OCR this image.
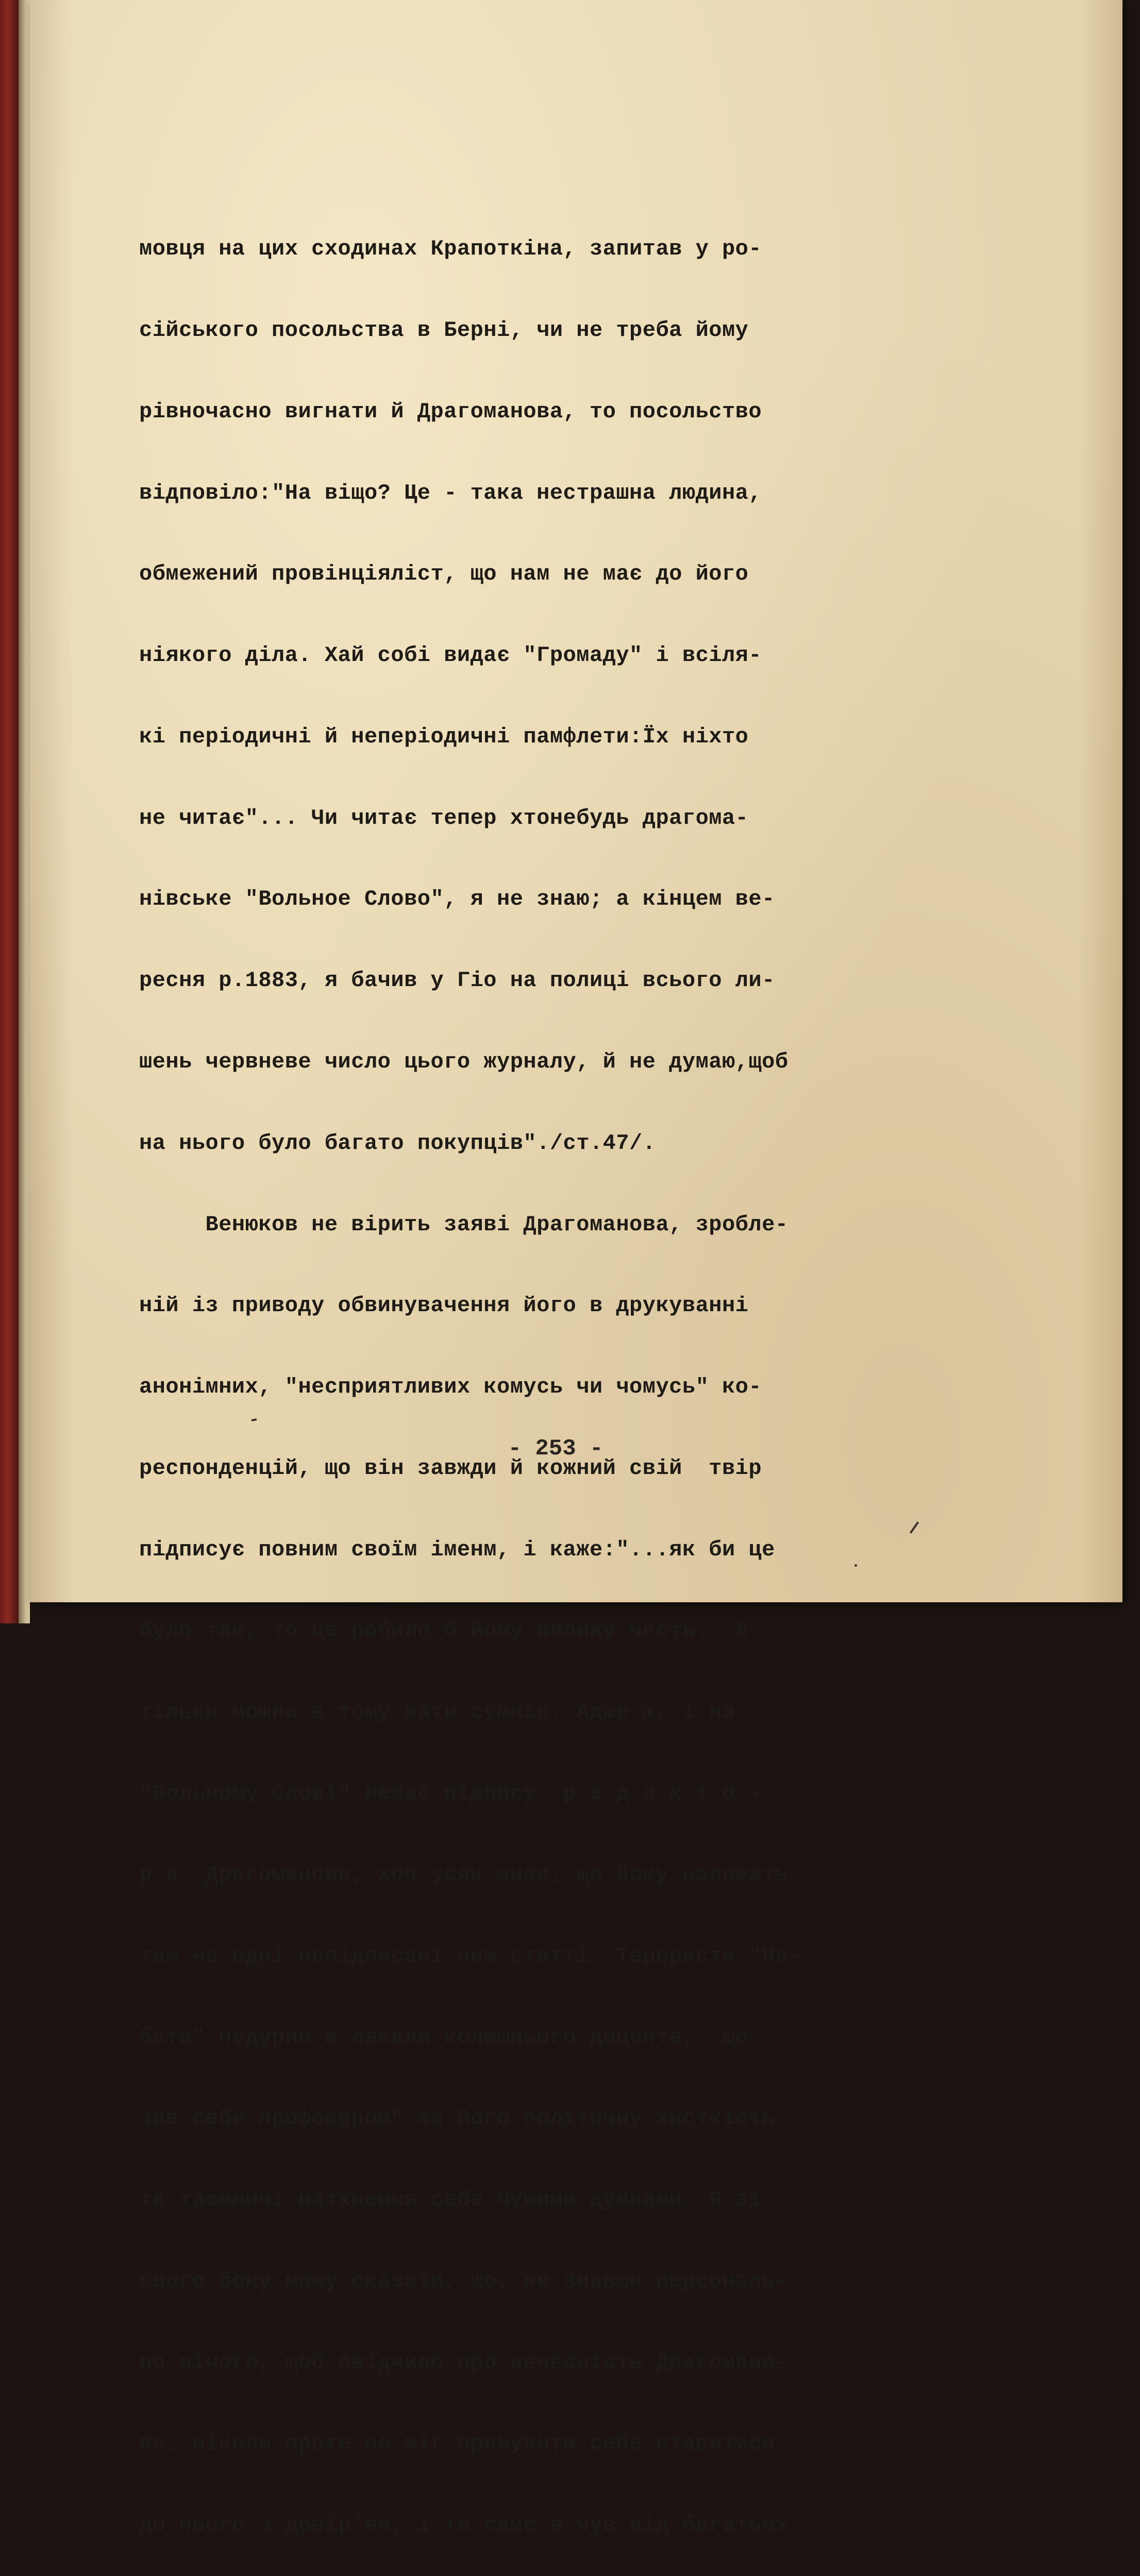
мовця на цих сходинах Крапоткіна, запитав у ро-

сійського посольства в Берні, чи не треба йому

рівночасно вигнати й Драгоманова, то посольство

відповіло:"На віщо? Це - така нестрашна людина,

обмежений провінціяліст, що нам не має до його

ніякого діла. Хай собі видає "Громаду" і всіля-

кі періодичні й неперіодичні памфлети:Їх ніхто

не читає"... Чи читає тепер хтонебудь драгома-

нівське "Вольное Слово", я не знаю; а кінцем ве-

ресня р.1883, я бачив у Гіо на полиці всього ли-

шень червневе число цього журналу, й не думаю,щоб

на нього було багато покупців"./ст.47/.

Венюков не вірить заяві Драгоманова, зробле-

ній із приводу обвинувачення його в друкуванні

анонімних, "несприятливих комусь чи чомусь" ко-

респонденцій, що він завжди й кожний свій  твір

підписує повним своїм іменм, і каже:"...як би це

було так, то це робило б йому велику честь.  А

тільки можна в тому мати сумнів. Адже ж, і на

"Вольному Слові" немає підпису  р е д а к т о -

р а  Драгоманова, хоч усяк знає, що йому належать

там не одні непідписані ним статті. Терористи "На-

бата" недурно ж лякали колишнього доцента,  що

зве себе професором" за його політичну хисткість

та таємничі натхнення себе чужими думками. Я зі

свого боку можу сказати, що, не знавши персональ-

но нічого, щоб свідчило про нечесність Драгомано-

ва, ніколи проте не міг примусити себе ставитися

до нього з довір'ям; і те саме я чув від багатьох

- 253 -
